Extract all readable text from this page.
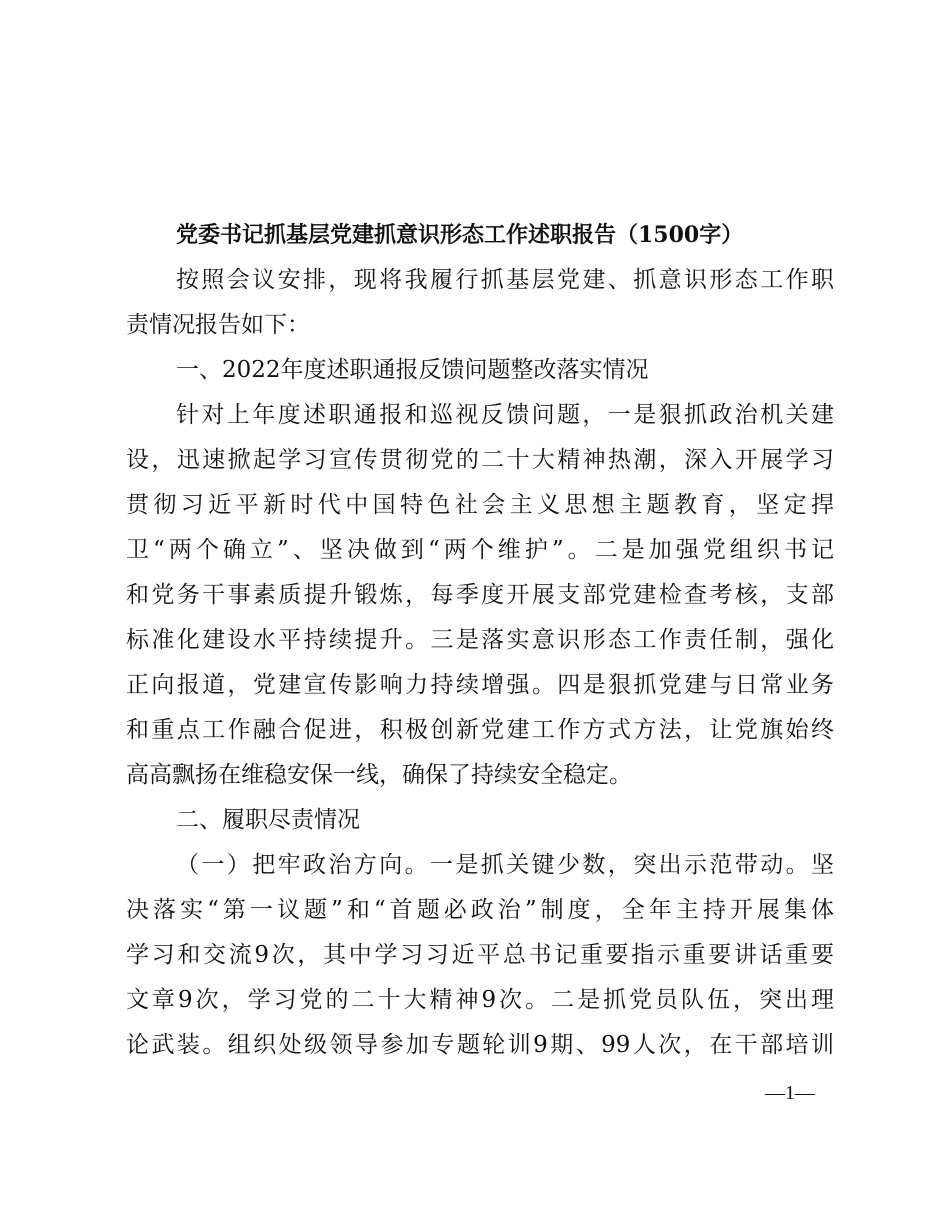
党委书记抓基层党建抓意识形态工作述职报告（1500字）
按照会议安排，现将我履行抓基层党建、抓意识形态工作职
责情况报告如下：
一、2022年度述职通报反馈问题整改落实情况
针对上年度述职通报和巡视反馈问题，一是狠抓政治机关建
设，迅速掀起学习宣传贯彻党的二十大精神热潮，深入开展学习
贯彻习近平新时代中国特色社会主义思想主题教育，坚定捍
卫“两个确立”、坚决做到“两个维护”。二是加强党组织书记
和党务干事素质提升锻炼，每季度开展支部党建检查考核，支部
标准化建设水平持续提升。三是落实意识形态工作责任制，强化
正向报道，党建宣传影响力持续增强。四是狠抓党建与日常业务
和重点工作融合促进，积极创新党建工作方式方法，让党旗始终
高高飘扬在维稳安保一线，确保了持续安全稳定。
二、履职尽责情况
（一）把牢政治方向。一是抓关键少数，突出示范带动。坚
决落实“第一议题”和“首题必政治”制度，全年主持开展集体
学习和交流9次，其中学习习近平总书记重要指示重要讲话重要
文章9次，学习党的二十大精神9次。二是抓党员队伍，突出理
论武装。组织处级领导参加专题轮训9期、99人次，在干部培训
—1—
